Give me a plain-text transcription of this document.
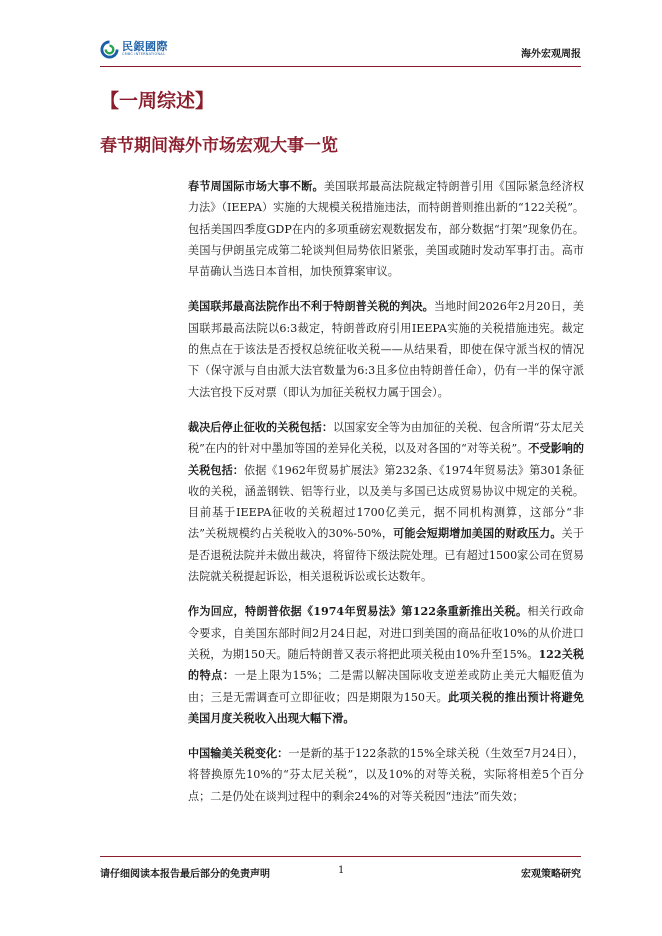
民銀國際
CMBC INTERNATIONAL	海外宏观周报
【一周综述】
春节期间海外市场宏观大事一览

春节周国际市场大事不断。美国联邦最高法院裁定特朗普引用《国际紧急经济权力法》（IEEPA）实施的大规模关税措施违法，而特朗普则推出新的“122关税”。包括美国四季度GDP在内的多项重磅宏观数据发布，部分数据“打架”现象仍在。美国与伊朗虽完成第二轮谈判但局势依旧紧张，美国或随时发动军事打击。高市早苗确认当选日本首相，加快预算案审议。

美国联邦最高法院作出不利于特朗普关税的判决。当地时间2026年2月20日，美国联邦最高法院以6:3裁定，特朗普政府引用IEEPA实施的关税措施违宪。裁定的焦点在于该法是否授权总统征收关税——从结果看，即使在保守派当权的情况下（保守派与自由派大法官数量为6:3且多位由特朗普任命），仍有一半的保守派大法官投下反对票（即认为加征关税权力属于国会）。

裁决后停止征收的关税包括：以国家安全等为由加征的关税、包含所谓“芬太尼关税”在内的针对中墨加等国的差异化关税，以及对各国的“对等关税”。不受影响的关税包括：依据《1962年贸易扩展法》第232条、《1974年贸易法》第301条征收的关税，涵盖钢铁、铝等行业，以及美与多国已达成贸易协议中规定的关税。目前基于IEEPA征收的关税超过1700亿美元，据不同机构测算，这部分“非法”关税规模约占关税收入的30%-50%，可能会短期增加美国的财政压力。关于是否退税法院并未做出裁决，将留待下级法院处理。已有超过1500家公司在贸易法院就关税提起诉讼，相关退税诉讼或长达数年。

作为回应，特朗普依据《1974年贸易法》第122条重新推出关税。相关行政命令要求，自美国东部时间2月24日起，对进口到美国的商品征收10%的从价进口关税，为期150天。随后特朗普又表示将把此项关税由10%升至15%。122关税的特点：一是上限为15%；二是需以解决国际收支逆差或防止美元大幅贬值为由；三是无需调查可立即征收；四是期限为150天。此项关税的推出预计将避免美国月度关税收入出现大幅下滑。

中国输美关税变化：一是新的基于122条款的15%全球关税（生效至7月24日），将替换原先10%的“芬太尼关税”，以及10%的对等关税，实际将相差5个百分点；二是仍处在谈判过程中的剩余24%的对等关税因“违法”而失效；

请仔细阅读本报告最后部分的免责声明	1	宏观策略研究
